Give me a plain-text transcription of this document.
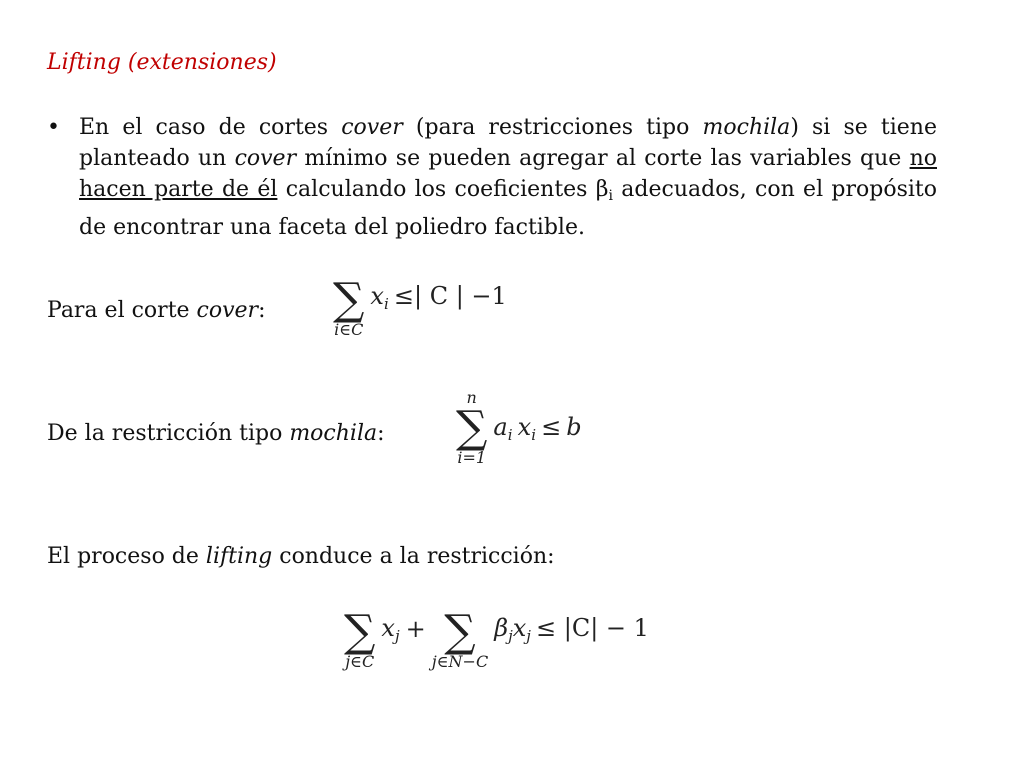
Lifting (extensiones)
• En el caso de cortes cover (para restricciones tipo mochila) si se tiene planteado un cover mínimo se pueden agregar al corte las variables que no hacen parte de él calculando los coeficientes $\beta_i$ adecuados, con el propósito de encontrar una faceta del poliedro factible.
Para el corte cover: ∑
i∈C
xi ≤| C | −1
De la restricción tipo mochila:
n
∑
i=1
ai xi ≤ b
El proceso de lifting conduce a la restricción:
∑
j∈C
xj + ∑
j∈N−C
βjxj ≤ |C| − 1
